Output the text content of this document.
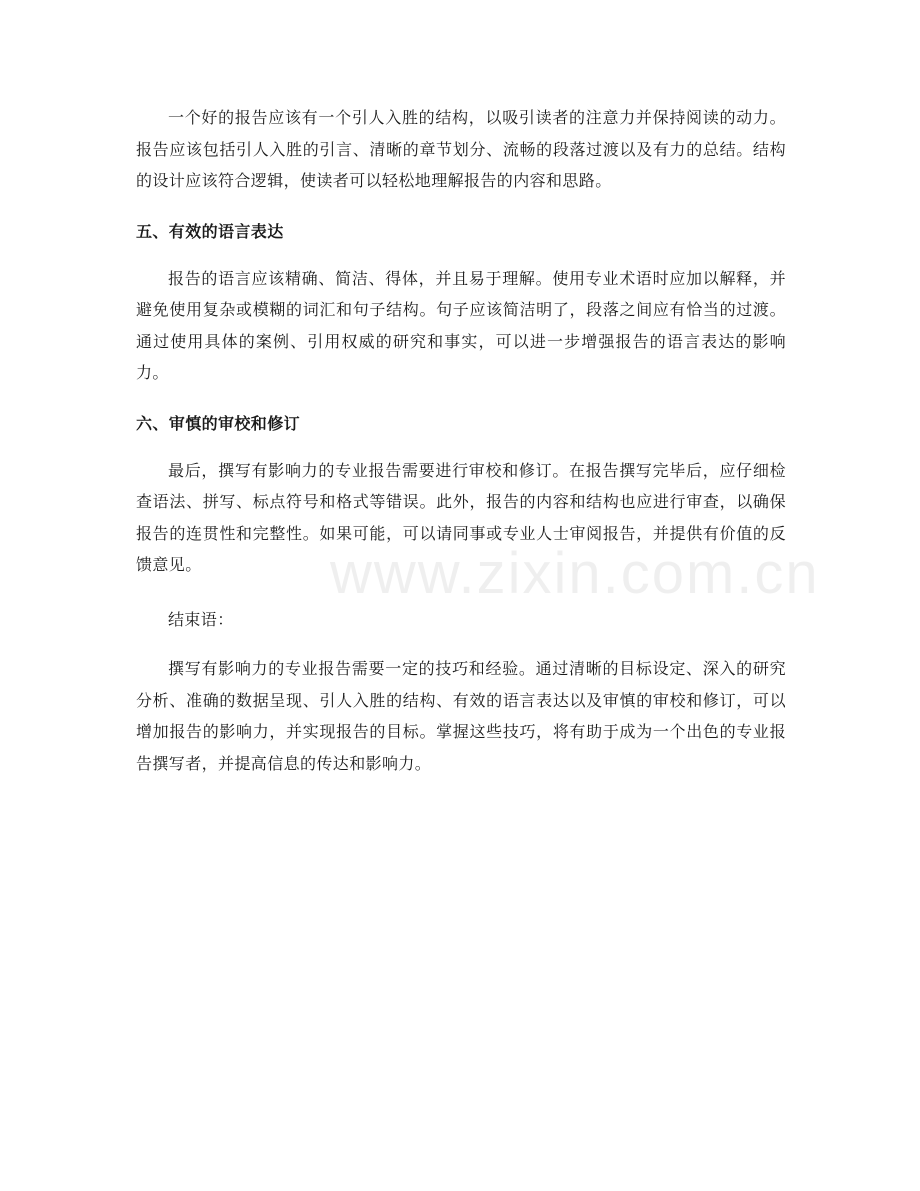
一个好的报告应该有一个引人入胜的结构，以吸引读者的注意力并保持阅读的动力。报告应该包括引人入胜的引言、清晰的章节划分、流畅的段落过渡以及有力的总结。结构的设计应该符合逻辑，使读者可以轻松地理解报告的内容和思路。

五、有效的语言表达

报告的语言应该精确、简洁、得体，并且易于理解。使用专业术语时应加以解释，并避免使用复杂或模糊的词汇和句子结构。句子应该简洁明了，段落之间应有恰当的过渡。通过使用具体的案例、引用权威的研究和事实，可以进一步增强报告的语言表达的影响力。

六、审慎的审校和修订

最后，撰写有影响力的专业报告需要进行审校和修订。在报告撰写完毕后，应仔细检查语法、拼写、标点符号和格式等错误。此外，报告的内容和结构也应进行审查，以确保报告的连贯性和完整性。如果可能，可以请同事或专业人士审阅报告，并提供有价值的反馈意见。

结束语：

撰写有影响力的专业报告需要一定的技巧和经验。通过清晰的目标设定、深入的研究分析、准确的数据呈现、引人入胜的结构、有效的语言表达以及审慎的审校和修订，可以增加报告的影响力，并实现报告的目标。掌握这些技巧，将有助于成为一个出色的专业报告撰写者，并提高信息的传达和影响力。

www.zixin.com.cn
